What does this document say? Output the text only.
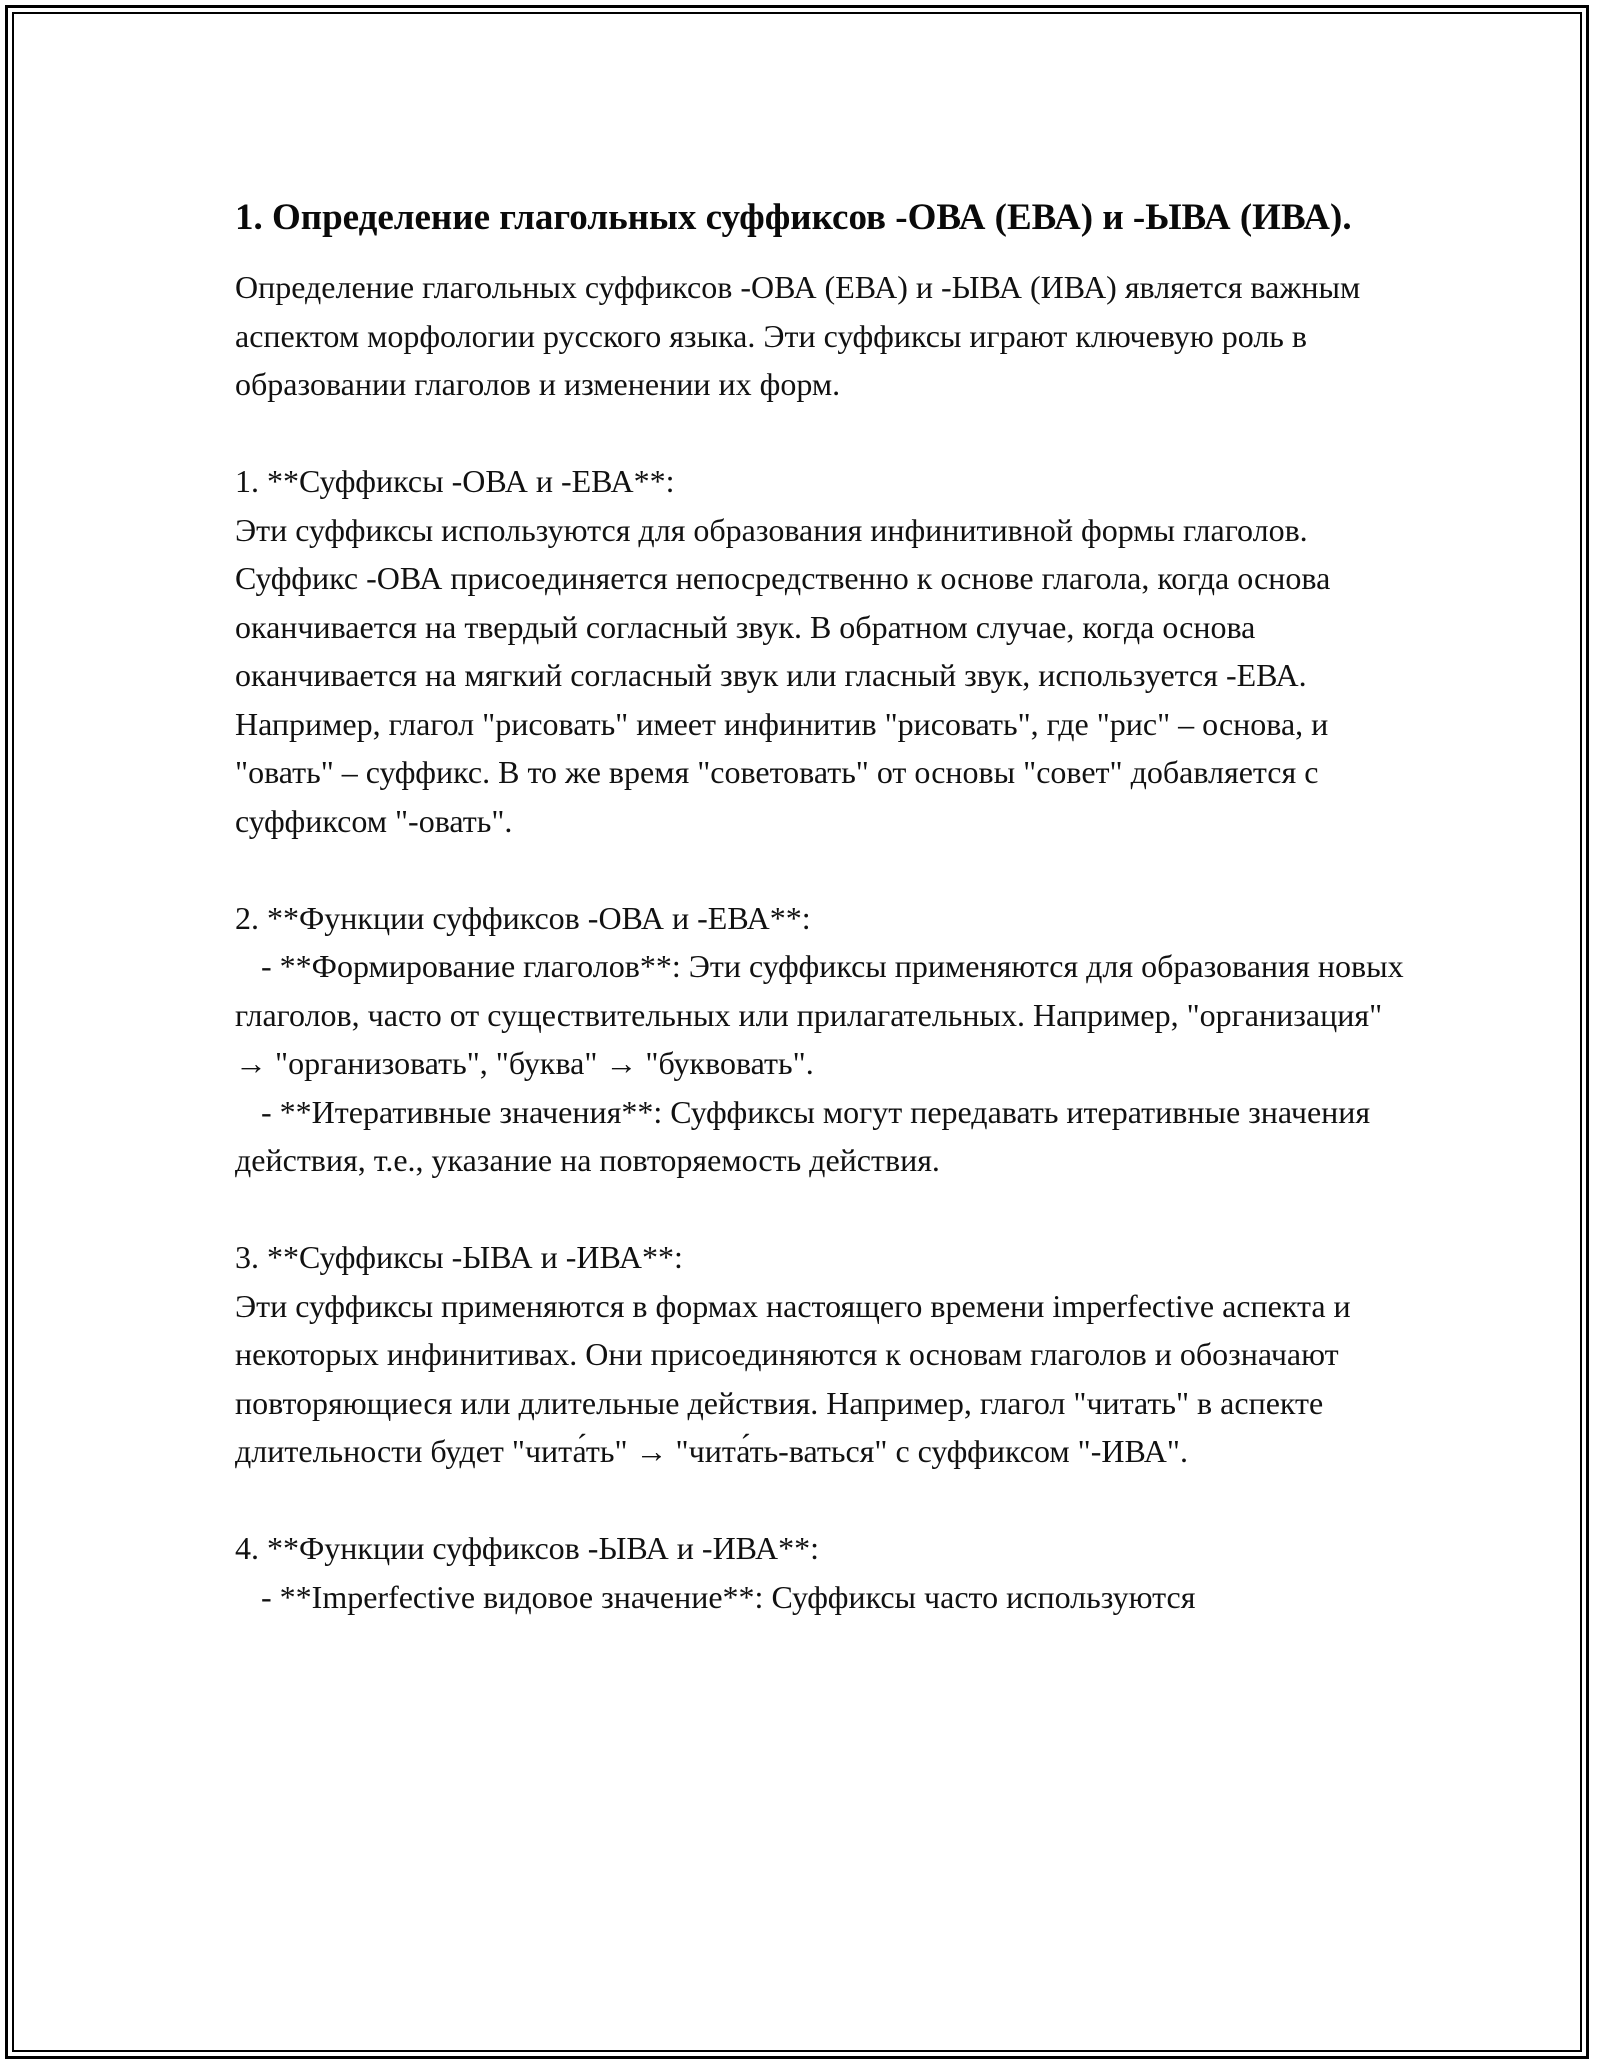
1. Определение глагольных суффиксов -ОВА (ЕВА) и -ЫВА (ИВА).

Определение глагольных суффиксов -ОВА (ЕВА) и -ЫВА (ИВА) является важным аспектом морфологии русского языка. Эти суффиксы играют ключевую роль в образовании глаголов и изменении их форм.

1. **Суффиксы -ОВА и -ЕВА**:

Эти суффиксы используются для образования инфинитивной формы глаголов. Суффикс -ОВА присоединяется непосредственно к основе глагола, когда основа оканчивается на твердый согласный звук. В обратном случае, когда основа оканчивается на мягкий согласный звук или гласный звук, используется -ЕВА. Например, глагол "рисовать" имеет инфинитив "рисовать", где "рис" – основа, и "овать" – суффикс. В то же время "советовать" от основы "совет" добавляется с суффиксом "-овать".

2. **Функции суффиксов -ОВА и -ЕВА**:

- **Формирование глаголов**: Эти суффиксы применяются для образования новых глаголов, часто от существительных или прилагательных. Например, "организация" → "организовать", "буква" → "буквовать".

- **Итеративные значения**: Суффиксы могут передавать итеративные значения действия, т.е., указание на повторяемость действия.

3. **Суффиксы -ЫВА и -ИВА**:

Эти суффиксы применяются в формах настоящего времени imperfective аспекта и некоторых инфинитивах. Они присоединяются к основам глаголов и обозначают повторяющиеся или длительные действия. Например, глагол "читать" в аспекте длительности будет "чита́ть" → "чита́ть-ваться" с суффиксом "-ИВА".

4. **Функции суффиксов -ЫВА и -ИВА**:

- **Imperfective видовое значение**: Суффиксы часто используются
